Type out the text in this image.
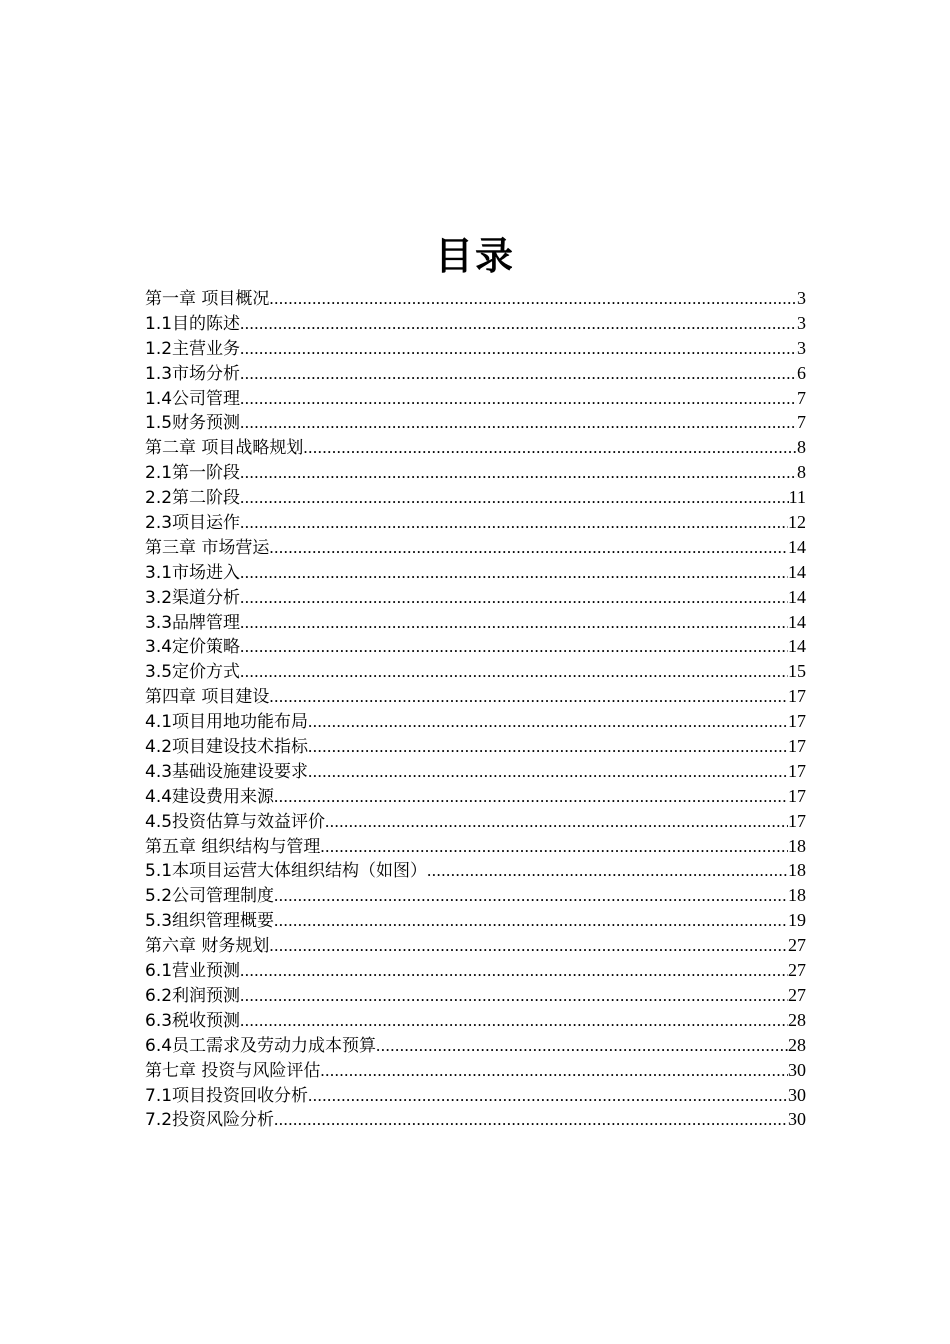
目录
第一章 项目概况 .....	3
1.1目的陈述 .....	3
1.2主营业务 .....	3
1.3市场分析 .....	6
1.4公司管理 .....	7
1.5财务预测 .....	7
第二章 项目战略规划 .....	8
2.1第一阶段 .....	8
2.2第二阶段 .....	11
2.3项目运作 .....	12
第三章 市场营运 .....	14
3.1市场进入 .....	14
3.2渠道分析 .....	14
3.3品牌管理 .....	14
3.4定价策略 .....	14
3.5定价方式 .....	15
第四章 项目建设 .....	17
4.1项目用地功能布局 .....	17
4.2项目建设技术指标 .....	17
4.3基础设施建设要求 .....	17
4.4建设费用来源 .....	17
4.5投资估算与效益评价 .....	17
第五章 组织结构与管理 .....	18
5.1本项目运营大体组织结构（如图） .....	18
5.2公司管理制度 .....	18
5.3组织管理概要 .....	19
第六章 财务规划 .....	27
6.1营业预测 .....	27
6.2利润预测 .....	27
6.3税收预测 .....	28
6.4员工需求及劳动力成本预算 .....	28
第七章 投资与风险评估 .....	30
7.1项目投资回收分析 .....	30
7.2投资风险分析 .....	30
